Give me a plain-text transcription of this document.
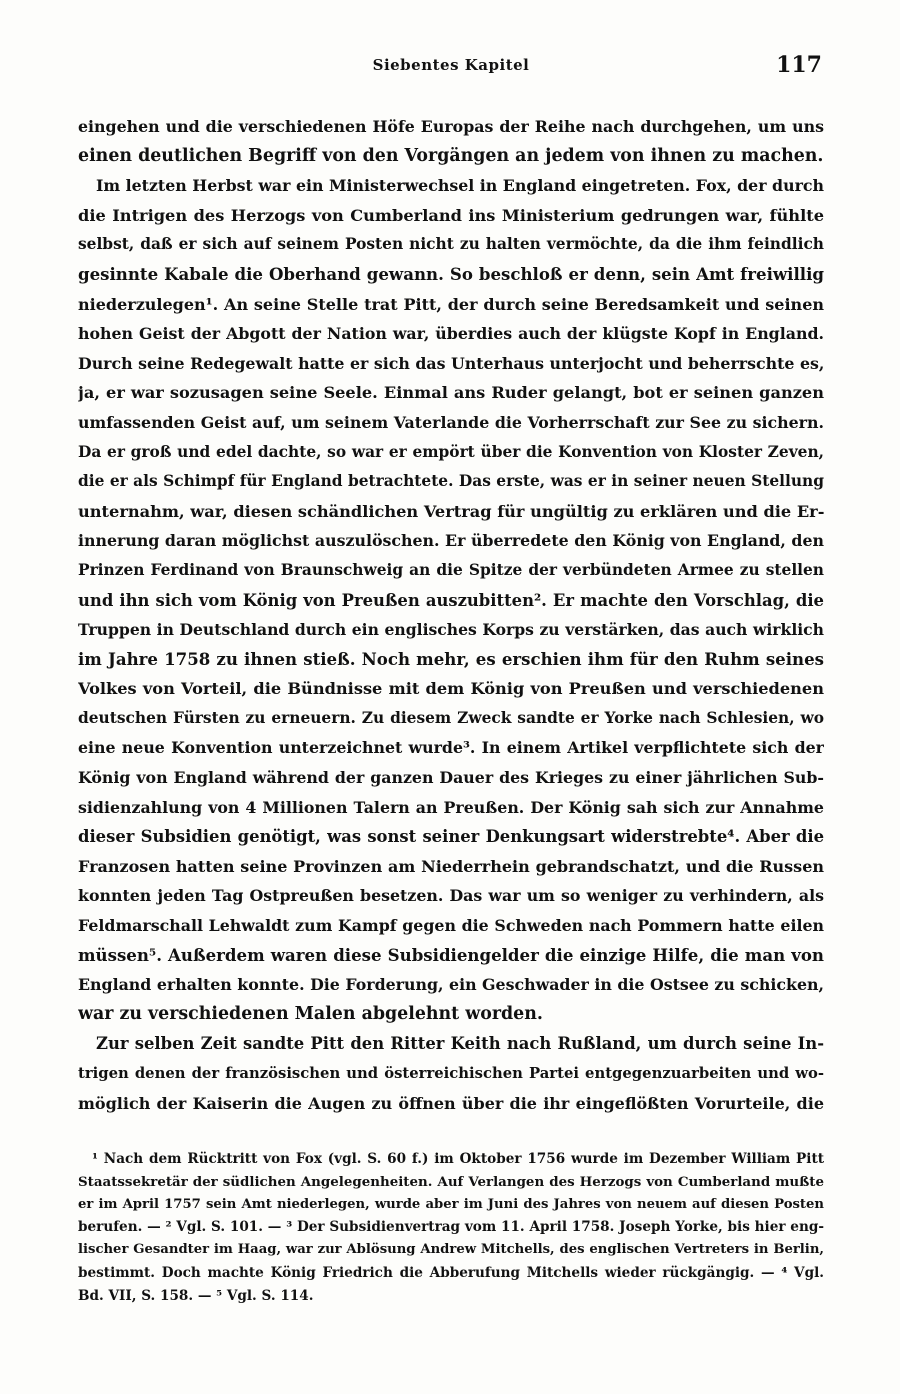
Siebentes Kapitel	117

eingehen und die verschiedenen Höfe Europas der Reihe nach durchgehen, um uns

einen deutlichen Begriff von den Vorgängen an jedem von ihnen zu machen.

Im letzten Herbst war ein Ministerwechsel in England eingetreten. Fox, der durch

die Intrigen des Herzogs von Cumberland ins Ministerium gedrungen war, fühlte

selbst, daß er sich auf seinem Posten nicht zu halten vermöchte, da die ihm feindlich

gesinnte Kabale die Oberhand gewann. So beschloß er denn, sein Amt freiwillig

niederzulegen¹. An seine Stelle trat Pitt, der durch seine Beredsamkeit und seinen

hohen Geist der Abgott der Nation war, überdies auch der klügste Kopf in England.

Durch seine Redegewalt hatte er sich das Unterhaus unterjocht und beherrschte es,

ja, er war sozusagen seine Seele. Einmal ans Ruder gelangt, bot er seinen ganzen

umfassenden Geist auf, um seinem Vaterlande die Vorherrschaft zur See zu sichern.

Da er groß und edel dachte, so war er empört über die Konvention von Kloster Zeven,

die er als Schimpf für England betrachtete. Das erste, was er in seiner neuen Stellung

unternahm, war, diesen schändlichen Vertrag für ungültig zu erklären und die Er-

innerung daran möglichst auszulöschen. Er überredete den König von England, den

Prinzen Ferdinand von Braunschweig an die Spitze der verbündeten Armee zu stellen

und ihn sich vom König von Preußen auszubitten². Er machte den Vorschlag, die

Truppen in Deutschland durch ein englisches Korps zu verstärken, das auch wirklich

im Jahre 1758 zu ihnen stieß. Noch mehr, es erschien ihm für den Ruhm seines

Volkes von Vorteil, die Bündnisse mit dem König von Preußen und verschiedenen

deutschen Fürsten zu erneuern. Zu diesem Zweck sandte er Yorke nach Schlesien, wo

eine neue Konvention unterzeichnet wurde³. In einem Artikel verpflichtete sich der

König von England während der ganzen Dauer des Krieges zu einer jährlichen Sub-

sidienzahlung von 4 Millionen Talern an Preußen. Der König sah sich zur Annahme

dieser Subsidien genötigt, was sonst seiner Denkungsart widerstrebte⁴. Aber die

Franzosen hatten seine Provinzen am Niederrhein gebrandschatzt, und die Russen

konnten jeden Tag Ostpreußen besetzen. Das war um so weniger zu verhindern, als

Feldmarschall Lehwaldt zum Kampf gegen die Schweden nach Pommern hatte eilen

müssen⁵. Außerdem waren diese Subsidiengelder die einzige Hilfe, die man von

England erhalten konnte. Die Forderung, ein Geschwader in die Ostsee zu schicken,

war zu verschiedenen Malen abgelehnt worden.

Zur selben Zeit sandte Pitt den Ritter Keith nach Rußland, um durch seine In-

trigen denen der französischen und österreichischen Partei entgegenzuarbeiten und wo-

möglich der Kaiserin die Augen zu öffnen über die ihr eingeflößten Vorurteile, die

¹ Nach dem Rücktritt von Fox (vgl. S. 60 f.) im Oktober 1756 wurde im Dezember William Pitt

Staatssekretär der südlichen Angelegenheiten. Auf Verlangen des Herzogs von Cumberland mußte

er im April 1757 sein Amt niederlegen, wurde aber im Juni des Jahres von neuem auf diesen Posten

berufen. — ² Vgl. S. 101. — ³ Der Subsidienvertrag vom 11. April 1758. Joseph Yorke, bis hier eng-

lischer Gesandter im Haag, war zur Ablösung Andrew Mitchells, des englischen Vertreters in Berlin,

bestimmt. Doch machte König Friedrich die Abberufung Mitchells wieder rückgängig. — ⁴ Vgl.

Bd. VII, S. 158. — ⁵ Vgl. S. 114.
